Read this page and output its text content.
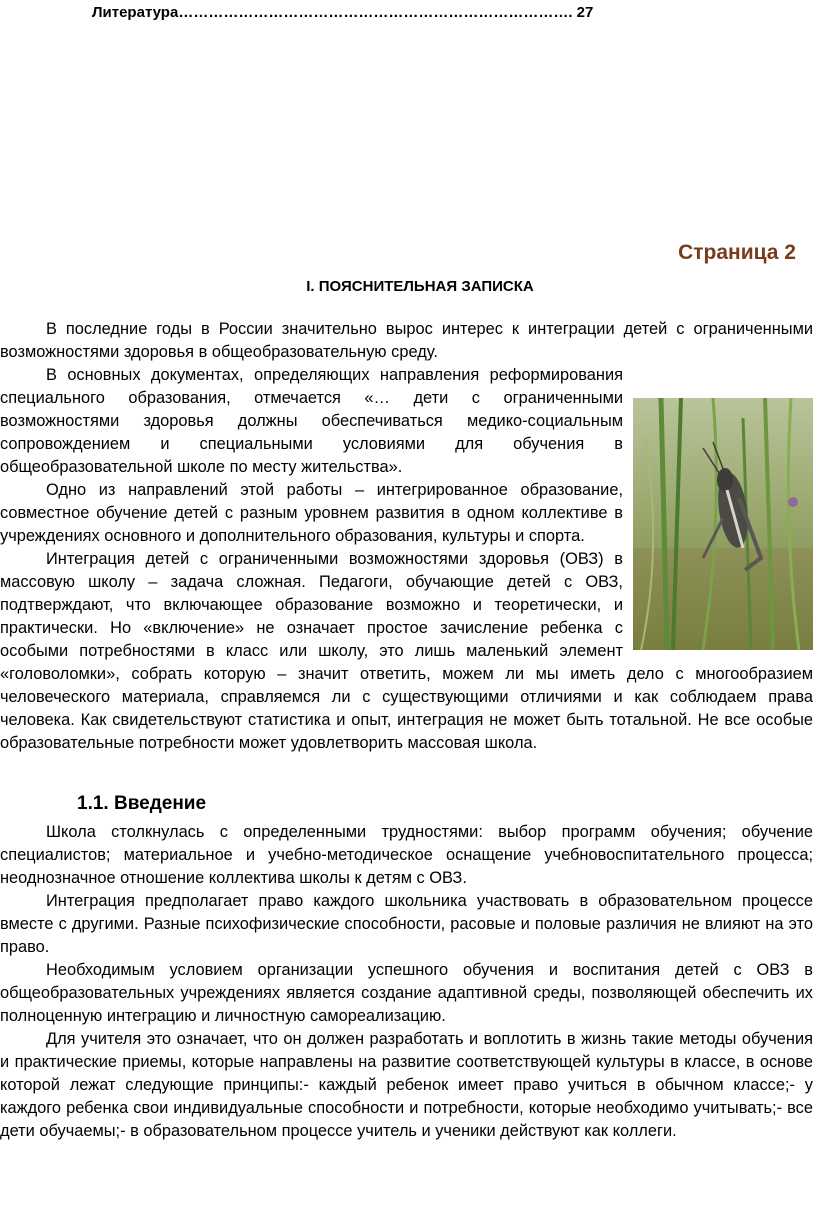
Литература……………………………………………………………………. 27
Страница 2
I. ПОЯСНИТЕЛЬНАЯ ЗАПИСКА

В последние годы в России значительно вырос интерес к интеграции детей с ограниченными возможностями здоровья в общеобразовательную среду.

В основных документах, определяющих направления реформирования специального образования, отмечается «… дети с ограниченными возможностями здоровья должны обеспечиваться медико-социальным сопровождением и специальными условиями для обучения в общеобразовательной школе по месту жительства».

Одно из направлений этой работы – интегрированное образование, совместное обучение детей с разным уровнем развития в одном коллективе в учреждениях основного и дополнительного образования, культуры и спорта.

Интеграция детей с ограниченными возможностями здоровья (ОВЗ) в массовую школу – задача сложная. Педагоги, обучающие детей с ОВЗ, подтверждают, что включающее образование возможно и теоретически, и практически. Но «включение» не означает простое зачисление ребенка с особыми потребностями в класс или школу, это лишь маленький элемент «головоломки», собрать которую – значит ответить, можем ли мы иметь дело с многообразием человеческого материала, справляемся ли с существующими отличиями и как соблюдаем права человека. Как свидетельствуют статистика и опыт, интеграция не может быть тотальной. Не все особые образовательные потребности может удовлетворить массовая школа.

1.1. Введение

Школа столкнулась с определенными трудностями: выбор программ обучения; обучение специалистов; материальное и учебно-методическое оснащение учебновоспитательного процесса; неоднозначное отношение коллектива школы к детям с ОВЗ.

Интеграция предполагает право каждого школьника участвовать в образовательном процессе вместе с другими. Разные психофизические способности, расовые и половые различия не влияют на это право.

Необходимым условием организации успешного обучения и воспитания детей с ОВЗ в общеобразовательных учреждениях является создание адаптивной среды, позволяющей обеспечить их полноценную интеграцию и личностную самореализацию.

Для учителя это означает, что он должен разработать и воплотить в жизнь такие методы обучения и практические приемы, которые направлены на развитие соответствующей культуры в классе, в основе которой лежат следующие принципы:- каждый ребенок имеет право учиться в обычном классе;- у каждого ребенка свои индивидуальные способности и потребности, которые необходимо учитывать;- все дети обучаемы;- в образовательном процессе учитель и ученики действуют как коллеги.
